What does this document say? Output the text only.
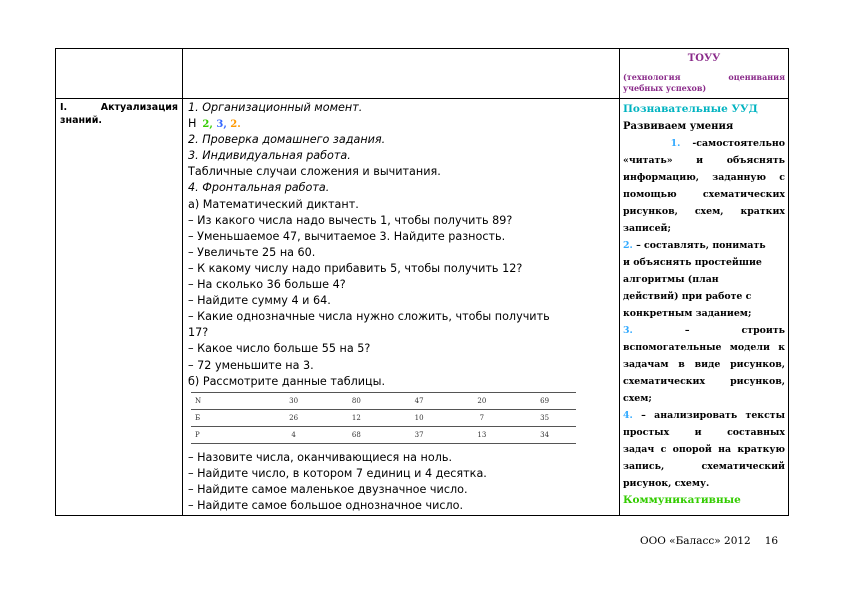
ТОУУ
(технология	оценивания
учебных успехов)

I.	Актуализация
знаний.

1. Организационный момент.
Н 2, 3, 2.
2. Проверка домашнего задания.
3. Индивидуальная работа.
Табличные случаи сложения и вычитания.
4. Фронтальная работа.
а) Математический диктант.
– Из какого числа надо вычесть 1, чтобы получить 89?
– Уменьшаемое 47, вычитаемое 3. Найдите разность.
– Увеличьте 25 на 60.
– К какому числу надо прибавить 5, чтобы получить 12?
– На сколько 36 больше 4?
– Найдите сумму 4 и 64.
– Какие однозначные числа нужно сложить, чтобы получить 17?
– Какое число больше 55 на 5?
– 72 уменьшите на 3.
б) Рассмотрите данные таблицы.
N	30	80	47	20	69
Б	26	12	10	7	35
Р	4	68	37	13	34
– Назовите числа, оканчивающиеся на ноль.
– Найдите число, в котором 7 единиц и 4 десятка.
– Найдите самое маленькое двузначное число.
– Найдите самое большое однозначное число.

Познавательные УУД
Развиваем умения
1. -самостоятельно
«читать» и объяснять
информацию, заданную с
помощью схематических
рисунков, схем, кратких
записей;
2. – составлять, понимать
и объяснять простейшие
алгоритмы (план
действий) при работе с
конкретным заданием;
3.	–	строить
вспомогательные модели к
задачам в виде рисунков,
схематических рисунков,
схем;
4. – анализировать тексты
простых и составных
задач с опорой на краткую
запись, схематический
рисунок, схему.
Коммуникативные
ООО «Баласс» 2012 16
